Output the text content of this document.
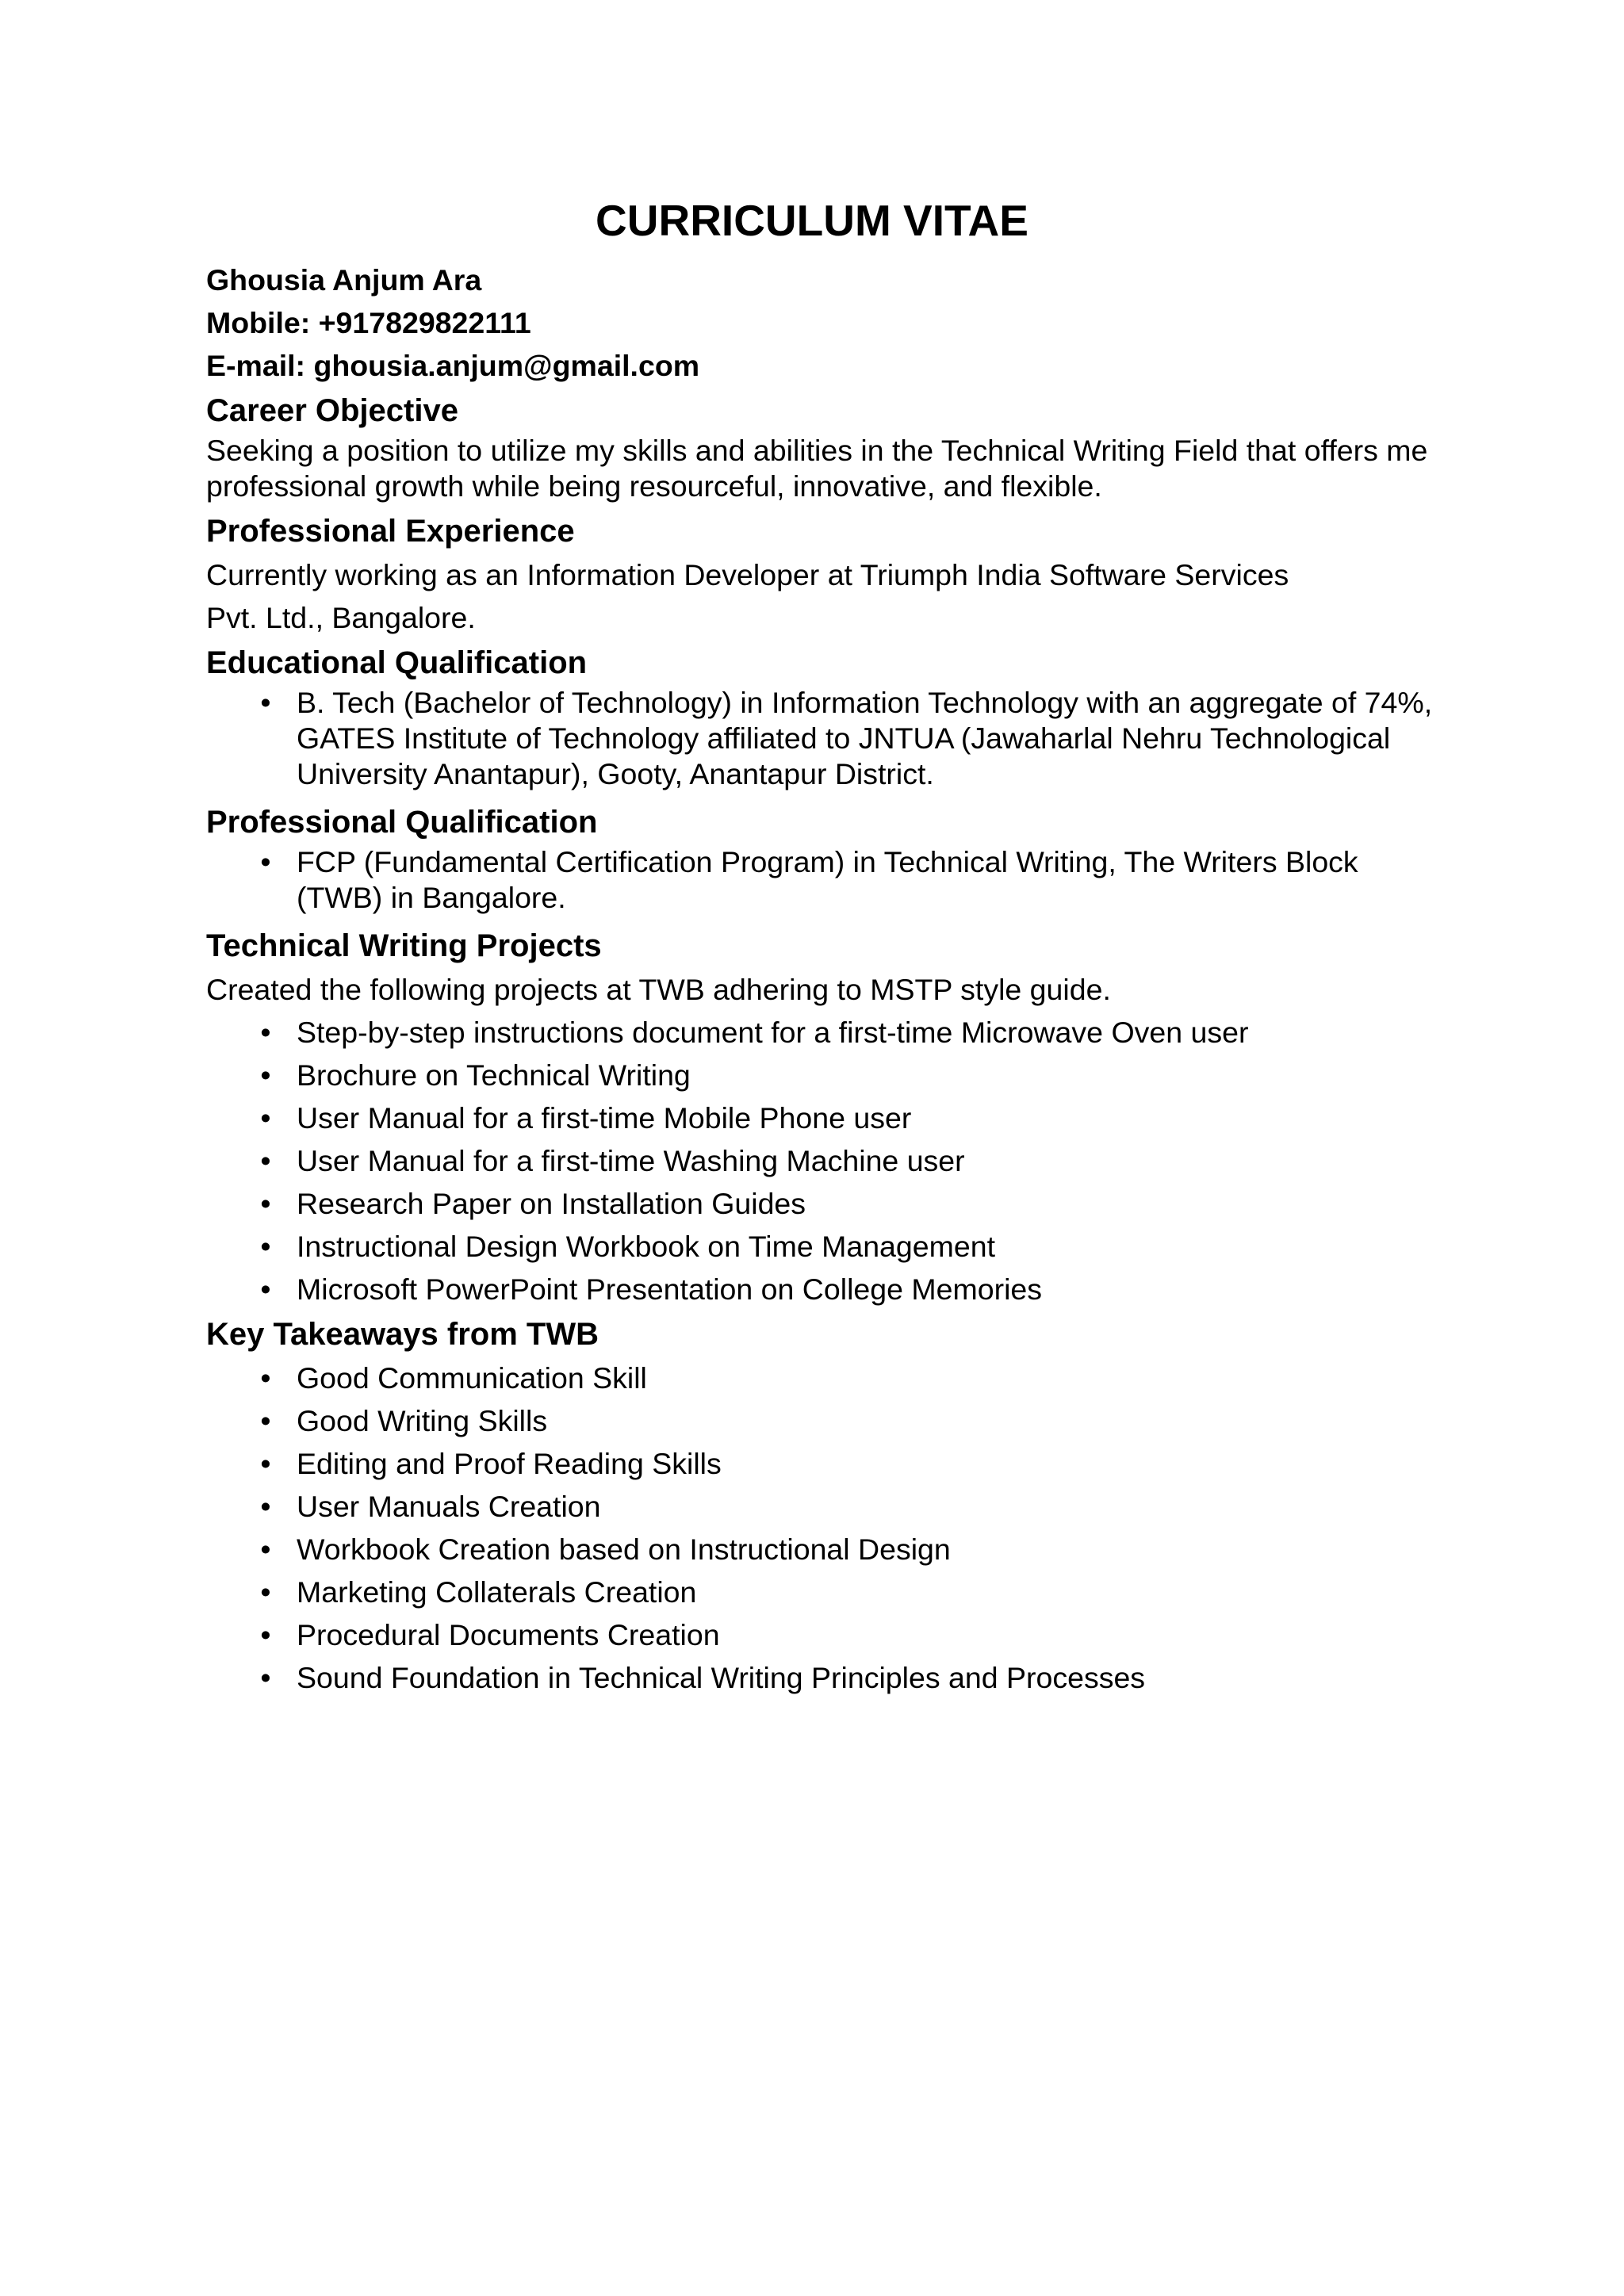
CURRICULUM VITAE

Ghousia Anjum Ara

Mobile: +917829822111

E-mail: ghousia.anjum@gmail.com

Career Objective

Seeking a position to utilize my skills and abilities in the Technical Writing Field that offers me professional growth while being resourceful, innovative, and flexible.

Professional Experience

Currently working as an Information Developer at Triumph India Software Services

Pvt. Ltd., Bangalore.

Educational Qualification

•
B. Tech (Bachelor of Technology) in Information Technology with an aggregate of 74%, GATES Institute of Technology affiliated to JNTUA (Jawaharlal Nehru Technological University Anantapur), Gooty, Anantapur District.

Professional Qualification

•
FCP (Fundamental Certification Program) in Technical Writing, The Writers Block (TWB) in Bangalore.

Technical Writing Projects

Created the following projects at TWB adhering to MSTP style guide.

•
Step-by-step instructions document for a first-time Microwave Oven user
•
Brochure on Technical Writing
•
User Manual for a first-time Mobile Phone user
•
User Manual for a first-time Washing Machine user
•
Research Paper on Installation Guides
•
Instructional Design Workbook on Time Management
•
Microsoft PowerPoint Presentation on College Memories

Key Takeaways from TWB

•
Good Communication Skill
•
Good Writing Skills
•
Editing and Proof Reading Skills
•
User Manuals Creation
•
Workbook Creation based on Instructional Design
•
Marketing Collaterals Creation
•
Procedural Documents Creation
•
Sound Foundation in Technical Writing Principles and Processes
